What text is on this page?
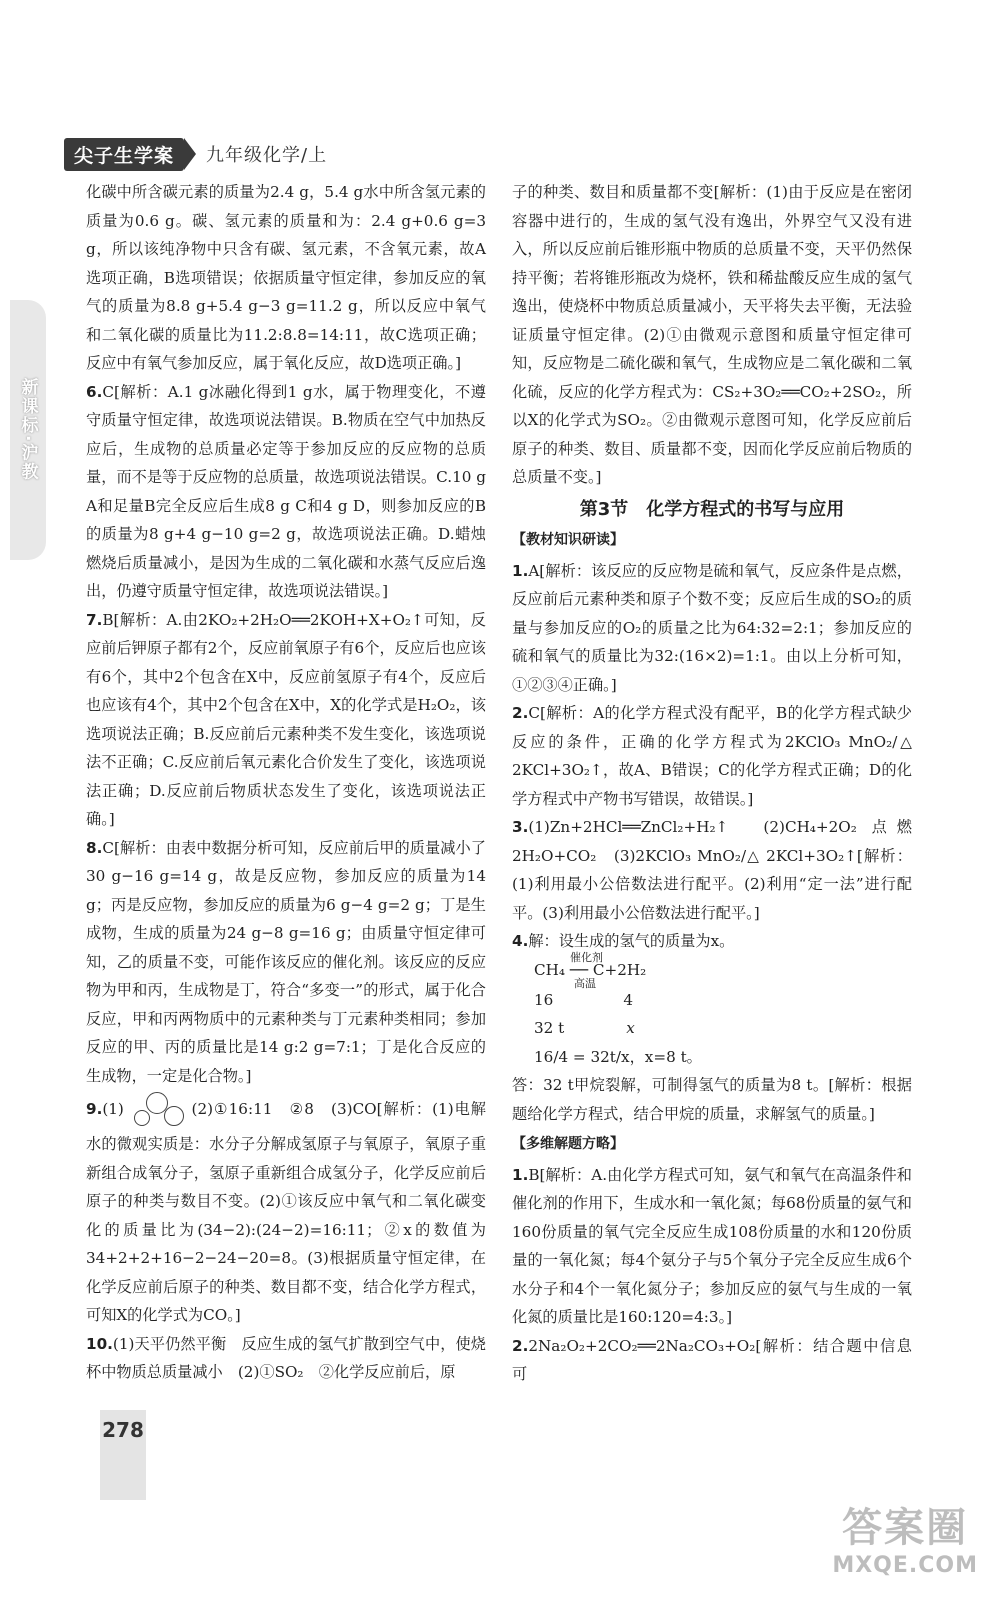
尖子生学案	九年级化学/上
新课标·沪教

化碳中所含碳元素的质量为2.4 g，5.4 g水中所含氢元素的质量为0.6 g。碳、氢元素的质量和为：2.4 g+0.6 g=3 g，所以该纯净物中只含有碳、氢元素，不含氧元素，故A选项正确，B选项错误；依据质量守恒定律，参加反应的氧气的质量为8.8 g+5.4 g−3 g=11.2 g，所以反应中氧气和二氧化碳的质量比为11.2:8.8=14:11，故C选项正确；反应中有氧气参加反应，属于氧化反应，故D选项正确。]

6.C[解析：A.1 g冰融化得到1 g水，属于物理变化，不遵守质量守恒定律，故选项说法错误。B.物质在空气中加热反应后，生成物的总质量必定等于参加反应的反应物的总质量，而不是等于反应物的总质量，故选项说法错误。C.10 g A和足量B完全反应后生成8 g C和4 g D，则参加反应的B的质量为8 g+4 g−10 g=2 g，故选项说法正确。D.蜡烛燃烧后质量减小，是因为生成的二氧化碳和水蒸气反应后逸出，仍遵守质量守恒定律，故选项说法错误。]

7.B[解析：A.由2KO₂+2H₂O══2KOH+X+O₂↑可知，反应前后钾原子都有2个，反应前氧原子有6个，反应后也应该有6个，其中2个包含在X中，反应前氢原子有4个，反应后也应该有4个，其中2个包含在X中，X的化学式是H₂O₂，该选项说法正确；B.反应前后元素种类不发生变化，该选项说法不正确；C.反应前后氧元素化合价发生了变化，该选项说法正确；D.反应前后物质状态发生了变化，该选项说法正确。]

8.C[解析：由表中数据分析可知，反应前后甲的质量减小了30 g−16 g=14 g，故是反应物，参加反应的质量为14 g；丙是反应物，参加反应的质量为6 g−4 g=2 g；丁是生成物，生成的质量为24 g−8 g=16 g；由质量守恒定律可知，乙的质量不变，可能作该反应的催化剂。该反应的反应物为甲和丙，生成物是丁，符合“多变一”的形式，属于化合反应，甲和丙两物质中的元素种类与丁元素种类相同；参加反应的甲、丙的质量比是14 g:2 g=7:1；丁是化合反应的生成物，一定是化合物。]

9.(1)	(2)①16:11　②8　(3)CO[解析：(1)电解水的微观实质是：水分子分解成氢原子与氧原子，氧原子重新组合成氧分子，氢原子重新组合成氢分子，化学反应前后原子的种类与数目不变。(2)①该反应中氧气和二氧化碳变化的质量比为(34−2):(24−2)=16:11；②x的数值为34+2+2+16−2−24−20=8。(3)根据质量守恒定律，在化学反应前后原子的种类、数目都不变，结合化学方程式，可知X的化学式为CO。]

10.(1)天平仍然平衡　反应生成的氢气扩散到空气中，使烧杯中物质总质量减小　(2)①SO₂　②化学反应前后，原

子的种类、数目和质量都不变[解析：(1)由于反应是在密闭容器中进行的，生成的氢气没有逸出，外界空气又没有进入，所以反应前后锥形瓶中物质的总质量不变，天平仍然保持平衡；若将锥形瓶改为烧杯，铁和稀盐酸反应生成的氢气逸出，使烧杯中物质总质量减小，天平将失去平衡，无法验证质量守恒定律。(2)①由微观示意图和质量守恒定律可知，反应物是二硫化碳和氧气，生成物应是二氧化碳和二氧化硫，反应的化学方程式为：CS₂+3O₂══CO₂+2SO₂，所以X的化学式为SO₂。②由微观示意图可知，化学反应前后原子的种类、数目、质量都不变，因而化学反应前后物质的总质量不变。]

第3节　化学方程式的书写与应用
【教材知识研读】

1.A[解析：该反应的反应物是硫和氧气，反应条件是点燃，反应前后元素种类和原子个数不变；反应后生成的SO₂的质量与参加反应的O₂的质量之比为64:32=2:1；参加反应的硫和氧气的质量比为32:(16×2)=1:1。由以上分析可知，①②③④正确。]

2.C[解析：A的化学方程式没有配平，B的化学方程式缺少反应的条件，正确的化学方程式为2KClO₃ MnO₂/△ 2KCl+3O₂↑，故A、B错误；C的化学方程式正确；D的化学方程式中产物书写错误，故错误。]

3.(1)Zn+2HCl══ZnCl₂+H₂↑　(2)CH₄+2O₂ 点燃 2H₂O+CO₂　(3)2KClO₃ MnO₂/△ 2KCl+3O₂↑[解析：(1)利用最小公倍数法进行配平。(2)利用“定一法”进行配平。(3)利用最小公倍数法进行配平。]

4.解：设生成的氢气的质量为x。

CH₄ ── C+2H₂
催化剂
高温
16	4
32 t	x
16/4 = 32t/x，x=8 t。

答：32 t甲烷裂解，可制得氢气的质量为8 t。[解析：根据题给化学方程式，结合甲烷的质量，求解氢气的质量。]

【多维解题方略】

1.B[解析：A.由化学方程式可知，氨气和氧气在高温条件和催化剂的作用下，生成水和一氧化氮；每68份质量的氨气和160份质量的氧气完全反应生成108份质量的水和120份质量的一氧化氮；每4个氨分子与5个氧分子完全反应生成6个水分子和4个一氧化氮分子；参加反应的氨气与生成的一氧化氮的质量比是160:120=4:3。]

2.2Na₂O₂+2CO₂══2Na₂CO₃+O₂[解析：结合题中信息可

278
答案圈
MXQE.COM
